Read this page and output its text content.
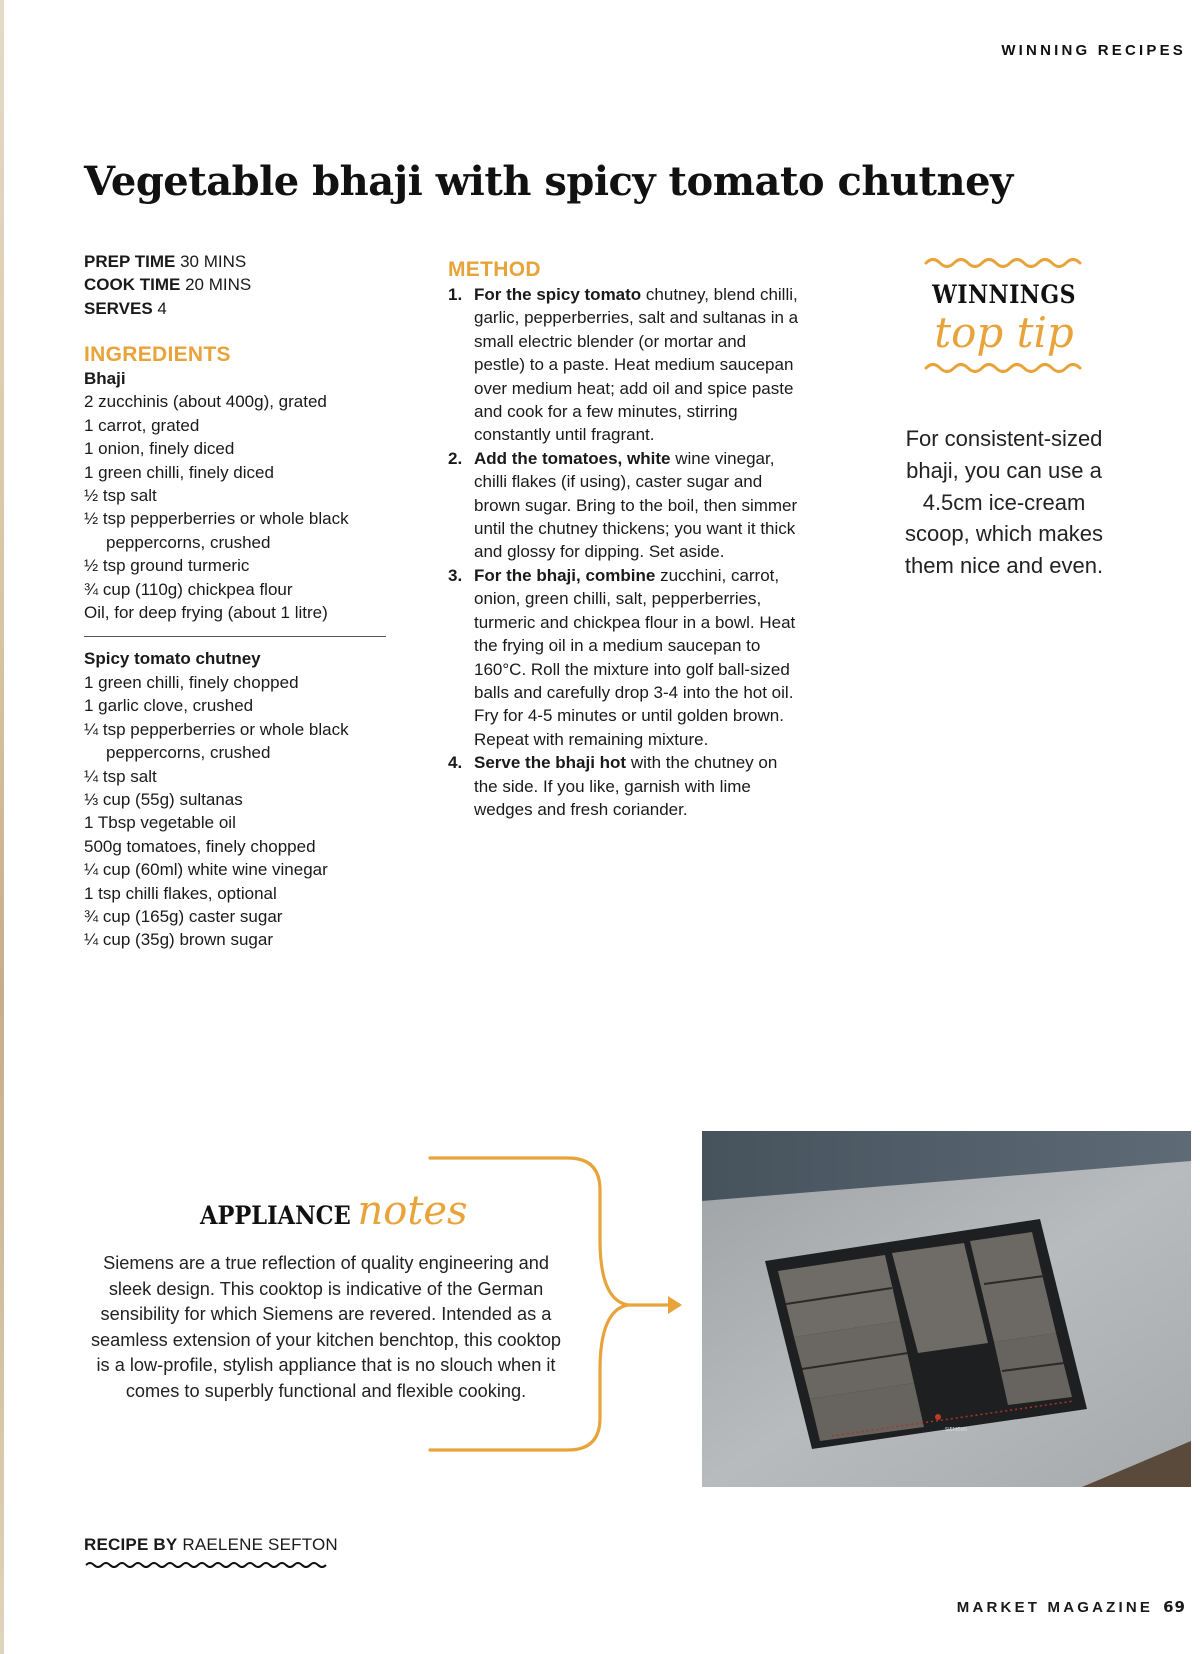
WINNING RECIPES
Vegetable bhaji with spicy tomato chutney
PREP TIME 30 MINS
COOK TIME 20 MINS
SERVES 4
INGREDIENTS
Bhaji
2 zucchinis (about 400g), grated
1 carrot, grated
1 onion, finely diced
1 green chilli, finely diced
½ tsp salt
½ tsp pepperberries or whole black peppercorns, crushed
½ tsp ground turmeric
¾ cup (110g) chickpea flour
Oil, for deep frying (about 1 litre)
Spicy tomato chutney
1 green chilli, finely chopped
1 garlic clove, crushed
¼ tsp pepperberries or whole black peppercorns, crushed
¼ tsp salt
⅓ cup (55g) sultanas
1 Tbsp vegetable oil
500g tomatoes, finely chopped
¼ cup (60ml) white wine vinegar
1 tsp chilli flakes, optional
¾ cup (165g) caster sugar
¼ cup (35g) brown sugar
METHOD
1. For the spicy tomato chutney, blend chilli, garlic, pepperberries, salt and sultanas in a small electric blender (or mortar and pestle) to a paste. Heat medium saucepan over medium heat; add oil and spice paste and cook for a few minutes, stirring constantly until fragrant.
2. Add the tomatoes, white wine vinegar, chilli flakes (if using), caster sugar and brown sugar. Bring to the boil, then simmer until the chutney thickens; you want it thick and glossy for dipping. Set aside.
3. For the bhaji, combine zucchini, carrot, onion, green chilli, salt, pepperberries, turmeric and chickpea flour in a bowl. Heat the frying oil in a medium saucepan to 160°C. Roll the mixture into golf ball-sized balls and carefully drop 3-4 into the hot oil. Fry for 4-5 minutes or until golden brown. Repeat with remaining mixture.
4. Serve the bhaji hot with the chutney on the side. If you like, garnish with lime wedges and fresh coriander.
WINNINGS
top tip
For consistent-sized bhaji, you can use a 4.5cm ice-cream scoop, which makes them nice and even.
APPLIANCE notes
Siemens are a true reflection of quality engineering and sleek design. This cooktop is indicative of the German sensibility for which Siemens are revered. Intended as a seamless extension of your kitchen benchtop, this cooktop is a low-profile, stylish appliance that is no slouch when it comes to superbly functional and flexible cooking.
SIEMENS
RECIPE BY RAELENE SEFTON
MARKET MAGAZINE 69
